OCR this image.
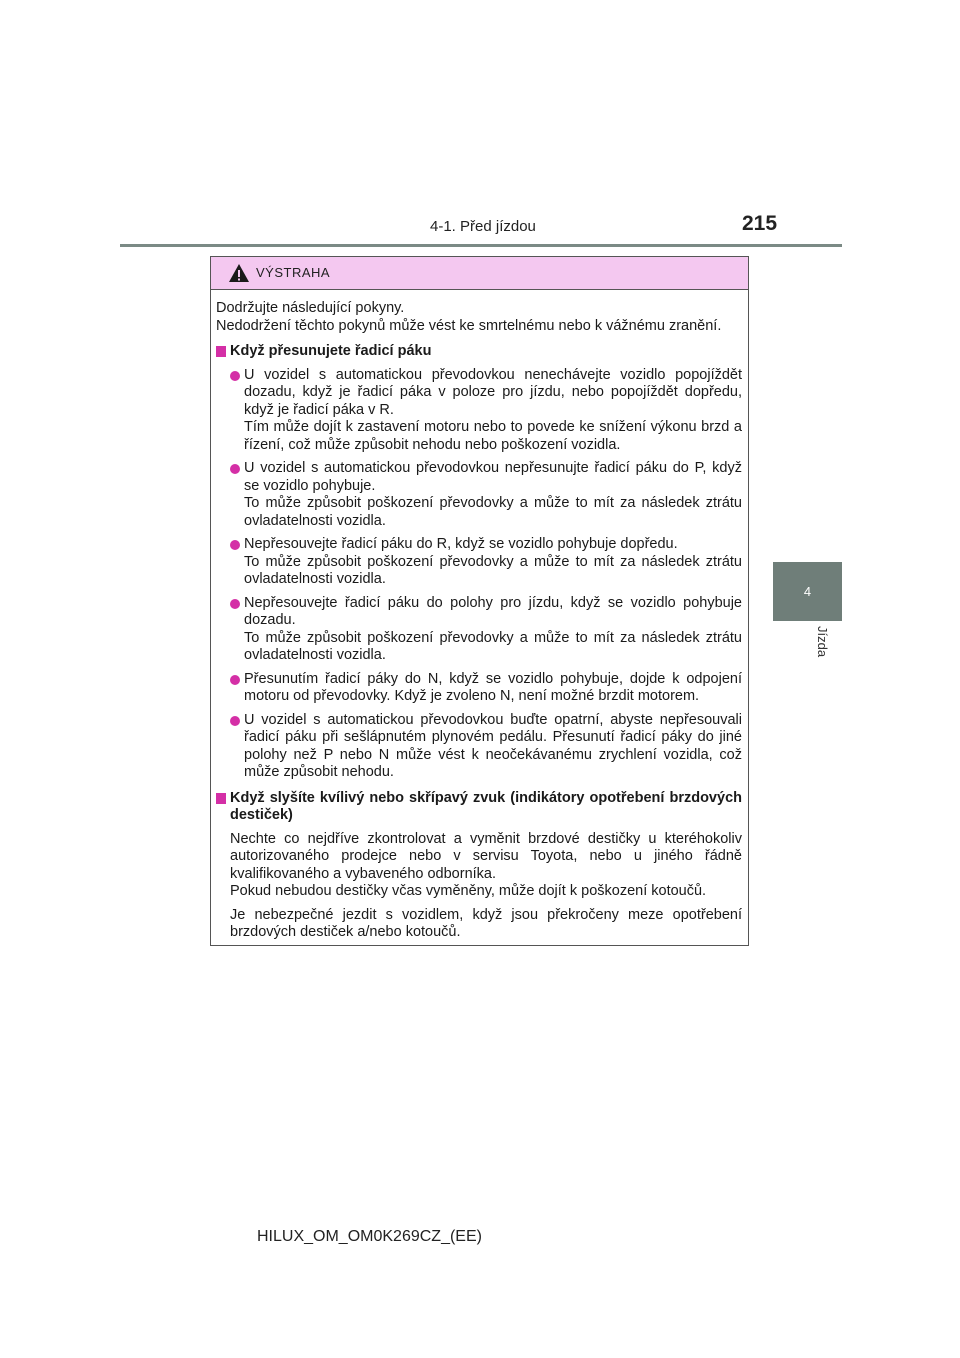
4-1. Před jízdou	215
4
Jízda
VÝSTRAHA

Dodržujte následující pokyny.
Nedodržení těchto pokynů může vést ke smrtelnému nebo k vážnému zranění.

Když přesunujete řadicí páku
U vozidel s automatickou převodovkou nenechávejte vozidlo popojíždět dozadu, když je řadicí páka v poloze pro jízdu, nebo popojíždět dopředu, když je řadicí páka v R.
Tím může dojít k zastavení motoru nebo to povede ke snížení výkonu brzd a řízení, což může způsobit nehodu nebo poškození vozidla.
U vozidel s automatickou převodovkou nepřesunujte řadicí páku do P, když se vozidlo pohybuje.
To může způsobit poškození převodovky a může to mít za následek ztrátu ovladatelnosti vozidla.
Nepřesouvejte řadicí páku do R, když se vozidlo pohybuje dopředu.
To může způsobit poškození převodovky a může to mít za následek ztrátu ovladatelnosti vozidla.
Nepřesouvejte řadicí páku do polohy pro jízdu, když se vozidlo pohybuje dozadu.
To může způsobit poškození převodovky a může to mít za následek ztrátu ovladatelnosti vozidla.
Přesunutím řadicí páky do N, když se vozidlo pohybuje, dojde k odpojení motoru od převodovky. Když je zvoleno N, není možné brzdit motorem.
U vozidel s automatickou převodovkou buďte opatrní, abyste nepřesouvali řadicí páku při sešlápnutém plynovém pedálu. Přesunutí řadicí páky do jiné polohy než P nebo N může vést k neočekávanému zrychlení vozidla, což může způsobit nehodu.
Když slyšíte kvílivý nebo skřípavý zvuk (indikátory opotřebení brzdových destiček)
Nechte co nejdříve zkontrolovat a vyměnit brzdové destičky u kteréhokoliv autorizovaného prodejce nebo v servisu Toyota, nebo u jiného řádně kvalifikovaného a vybaveného odborníka.
Pokud nebudou destičky včas vyměněny, může dojít k poškození kotoučů.
Je nebezpečné jezdit s vozidlem, když jsou překročeny meze opotřebení brzdových destiček a/nebo kotoučů.
HILUX_OM_OM0K269CZ_(EE)
